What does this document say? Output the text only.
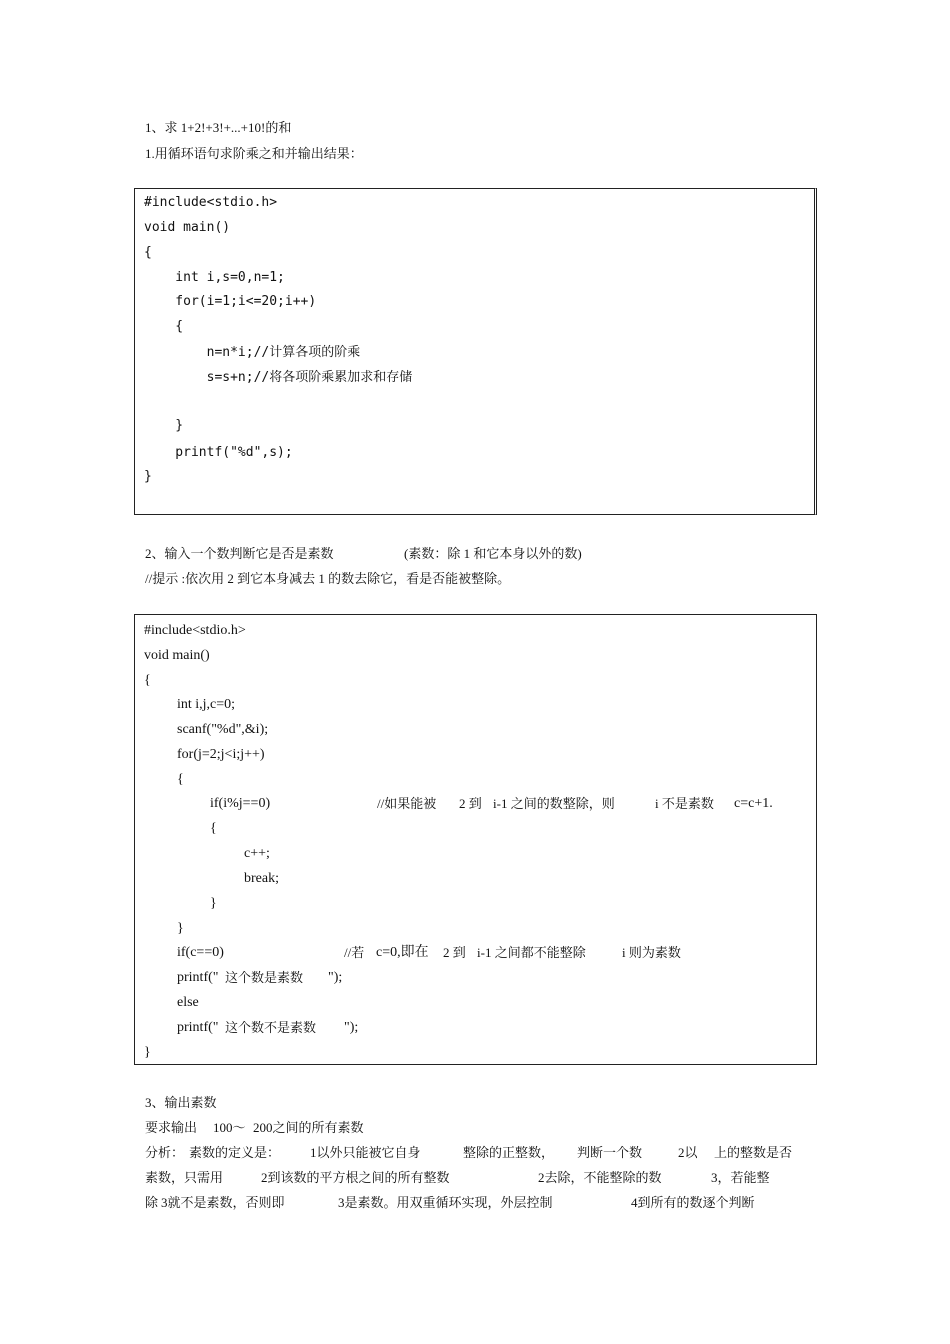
1、求 1+2!+3!+...+10!的和
1.用循环语句求阶乘之和并输出结果：
#include<stdio.h>
void main()
{
int i,s=0,n=1;
for(i=1;i<=20;i++)
{
n=n*i;//计算各项的阶乘
s=s+n;//将各项阶乘累加求和存储
}
printf("%d",s);
}
2、输入一个数判断它是否是素数	(素数：除 1 和它本身以外的数)
//提示 :依次用 2 到它本身减去 1 的数去除它，看是否能被整除。
#include<stdio.h>
void main()
{
int i,j,c=0;
scanf("%d",&i);
for(j=2;j<i;j++)
{
if(i%j==0)	//如果能被 2 到 i-1 之间的数整除，则	i 不是素数 c=c+1.
{
c++;
break;
}
}
if(c==0)	//若 c=0,即在 2 到 i-1 之间都不能整除	i 则为素数
printf(" 这个数是素数 ");
else
printf(" 这个数不是素数 ");
}
3、输出素数
要求输出 100～ 200之间的所有素数
分析： 素数的定义是： 1以外只能被它自身	整除的正整数， 判断一个数	2以 上的整数是否
素数，只需用	2到该数的平方根之间的所有整数	2去除，不能整除的数	3，若能整
除 3就不是素数，否则即	3是素数。用双重循环实现，外层控制	4到所有的数逐个判断
